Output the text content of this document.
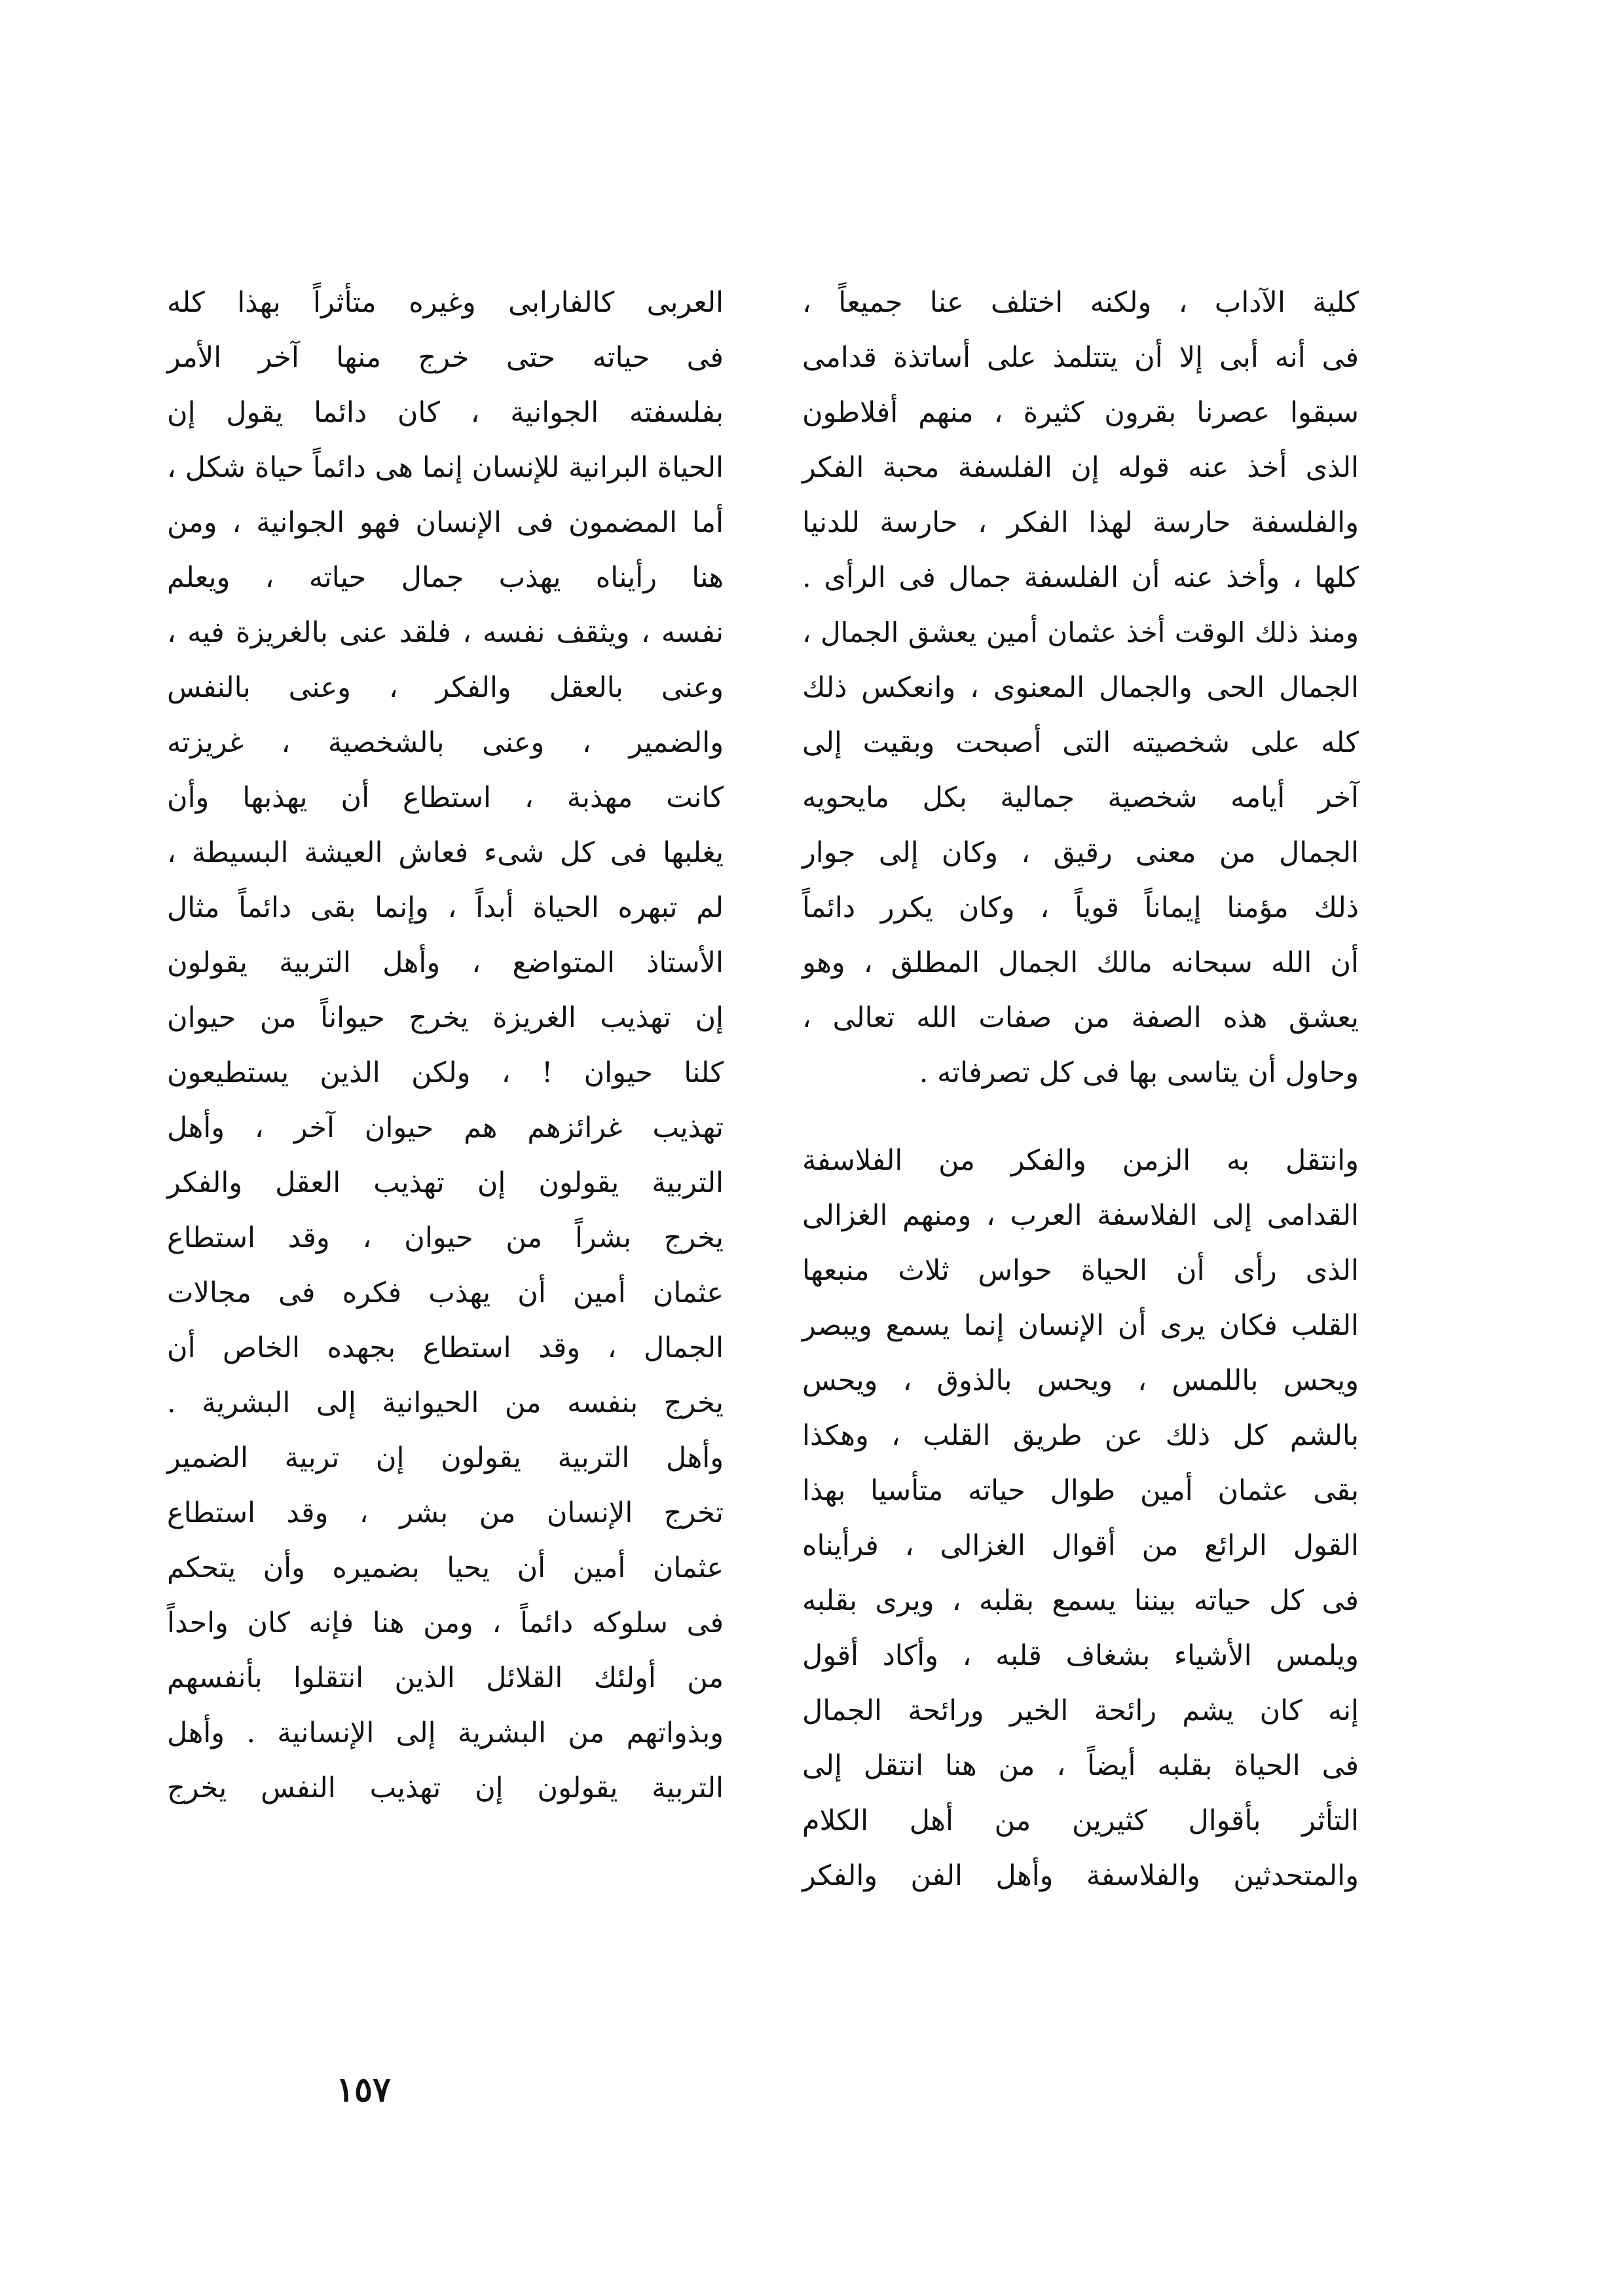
كلية الآداب ، ولكنه اختلف عنا جميعاً ،
فى أنه أبى إلا أن يتتلمذ على أساتذة قدامى
سبقوا عصرنا بقرون كثيرة ، منهم أفلاطون
الذى أخذ عنه قوله إن الفلسفة محبة الفكر
والفلسفة حارسة لهذا الفكر ، حارسة للدنيا
كلها ، وأخذ عنه أن الفلسفة جمال فى الرأى .
ومنذ ذلك الوقت أخذ عثمان أمين يعشق الجمال ،
الجمال الحى والجمال المعنوى ، وانعكس ذلك
كله على شخصيته التى أصبحت وبقيت إلى
آخر أيامه شخصية جمالية بكل مايحويه
الجمال من معنى رقيق ، وكان إلى جوار
ذلك مؤمنا إيماناً قوياً ، وكان يكرر دائماً
أن الله سبحانه مالك الجمال المطلق ، وهو
يعشق هذه الصفة من صفات الله تعالى ،
وحاول أن يتاسى بها فى كل تصرفاته .
وانتقل به الزمن والفكر من الفلاسفة
القدامى إلى الفلاسفة العرب ، ومنهم الغزالى
الذى رأى أن الحياة حواس ثلاث منبعها
القلب فكان يرى أن الإنسان إنما يسمع ويبصر
ويحس باللمس ، ويحس بالذوق ، ويحس
بالشم كل ذلك عن طريق القلب ، وهكذا
بقى عثمان أمين طوال حياته متأسيا بهذا
القول الرائع من أقوال الغزالى ، فرأيناه
فى كل حياته بيننا يسمع بقلبه ، ويرى بقلبه
ويلمس الأشياء بشغاف قلبه ، وأكاد أقول
إنه كان يشم رائحة الخير ورائحة الجمال
فى الحياة بقلبه أيضاً ، من هنا انتقل إلى
التأثر بأقوال كثيرين من أهل الكلام
والمتحدثين والفلاسفة وأهل الفن والفكر
العربى كالفارابى وغيره متأثراً بهذا كله
فى حياته حتى خرج منها آخر الأمر
بفلسفته الجوانية ، كان دائما يقول إن
الحياة البرانية للإنسان إنما هى دائماً حياة شكل ،
أما المضمون فى الإنسان فهو الجوانية ، ومن
هنا رأيناه يهذب جمال حياته ، ويعلم
نفسه ، ويثقف نفسه ، فلقد عنى بالغريزة فيه ،
وعنى بالعقل والفكر ، وعنى بالنفس
والضمير ، وعنى بالشخصية ، غريزته
كانت مهذبة ، استطاع أن يهذبها وأن
يغلبها فى كل شىء فعاش العيشة البسيطة ،
لم تبهره الحياة أبداً ، وإنما بقى دائماً مثال
الأستاذ المتواضع ، وأهل التربية يقولون
إن تهذيب الغريزة يخرج حيواناً من حيوان
كلنا حيوان ! ، ولكن الذين يستطيعون
تهذيب غرائزهم هم حيوان آخر ، وأهل
التربية يقولون إن تهذيب العقل والفكر
يخرج بشراً من حيوان ، وقد استطاع
عثمان أمين أن يهذب فكره فى مجالات
الجمال ، وقد استطاع بجهده الخاص أن
يخرج بنفسه من الحيوانية إلى البشرية .
وأهل التربية يقولون إن تربية الضمير
تخرج الإنسان من بشر ، وقد استطاع
عثمان أمين أن يحيا بضميره وأن يتحكم
فى سلوكه دائماً ، ومن هنا فإنه كان واحداً
من أولئك القلائل الذين انتقلوا بأنفسهم
وبذواتهم من البشرية إلى الإنسانية . وأهل
التربية يقولون إن تهذيب النفس يخرج
١٥٧
